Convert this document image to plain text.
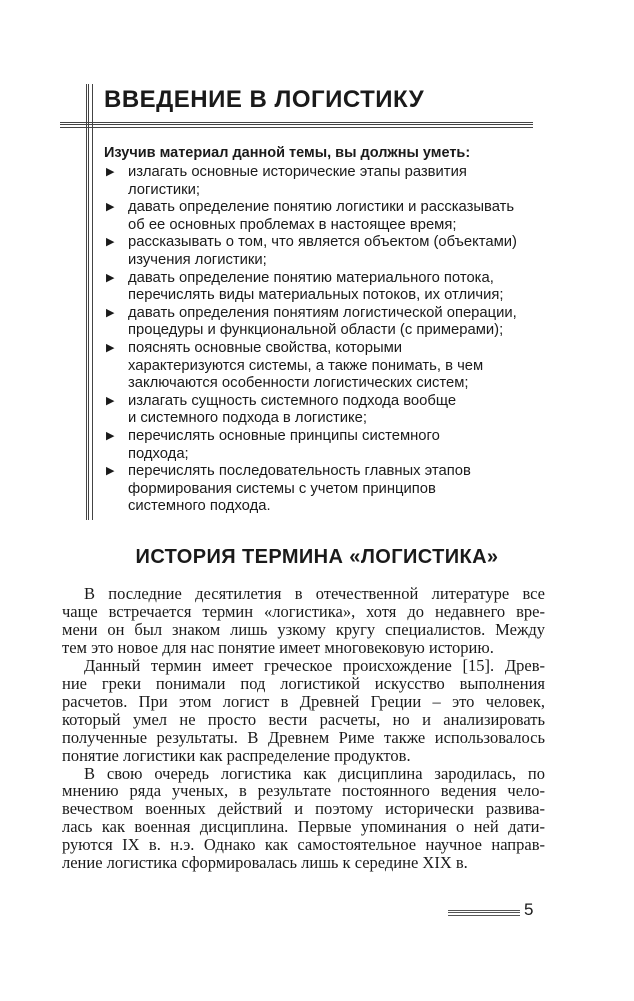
ВВЕДЕНИЕ В ЛОГИСТИКУ
Изучив материал данной темы, вы должны уметь:
▶ излагать основные исторические этапы развития
логистики;
▶ давать определение понятию логистики и рассказывать
об ее основных проблемах в настоящее время;
▶ рассказывать о том, что является объектом (объектами)
изучения логистики;
▶ давать определение понятию материального потока,
перечислять виды материальных потоков, их отличия;
▶ давать определения понятиям логистической операции,
процедуры и функциональной области (с примерами);
▶ пояснять основные свойства, которыми
характеризуются системы, а также понимать, в чем
заключаются особенности логистических систем;
▶ излагать сущность системного подхода вообще
и системного подхода в логистике;
▶ перечислять основные принципы системного
подхода;
▶ перечислять последовательность главных этапов
формирования системы с учетом принципов
системного подхода.
ИСТОРИЯ ТЕРМИНА «ЛОГИСТИКА»
В последние десятилетия в отечественной литературе все
чаще встречается термин «логистика», хотя до недавнего вре-
мени он был знаком лишь узкому кругу специалистов. Между
тем это новое для нас понятие имеет многовековую историю.
Данный термин имеет греческое происхождение [15]. Древ-
ние греки понимали под логистикой искусство выполнения
расчетов. При этом логист в Древней Греции – это человек,
который умел не просто вести расчеты, но и анализировать
полученные результаты. В Древнем Риме также использовалось
понятие логистики как распределение продуктов.
В свою очередь логистика как дисциплина зародилась, по
мнению ряда ученых, в результате постоянного ведения чело-
вечеством военных действий и поэтому исторически развива-
лась как военная дисциплина. Первые упоминания о ней дати-
руются IX в. н.э. Однако как самостоятельное научное направ-
ление логистика сформировалась лишь к середине XIX в.
5
